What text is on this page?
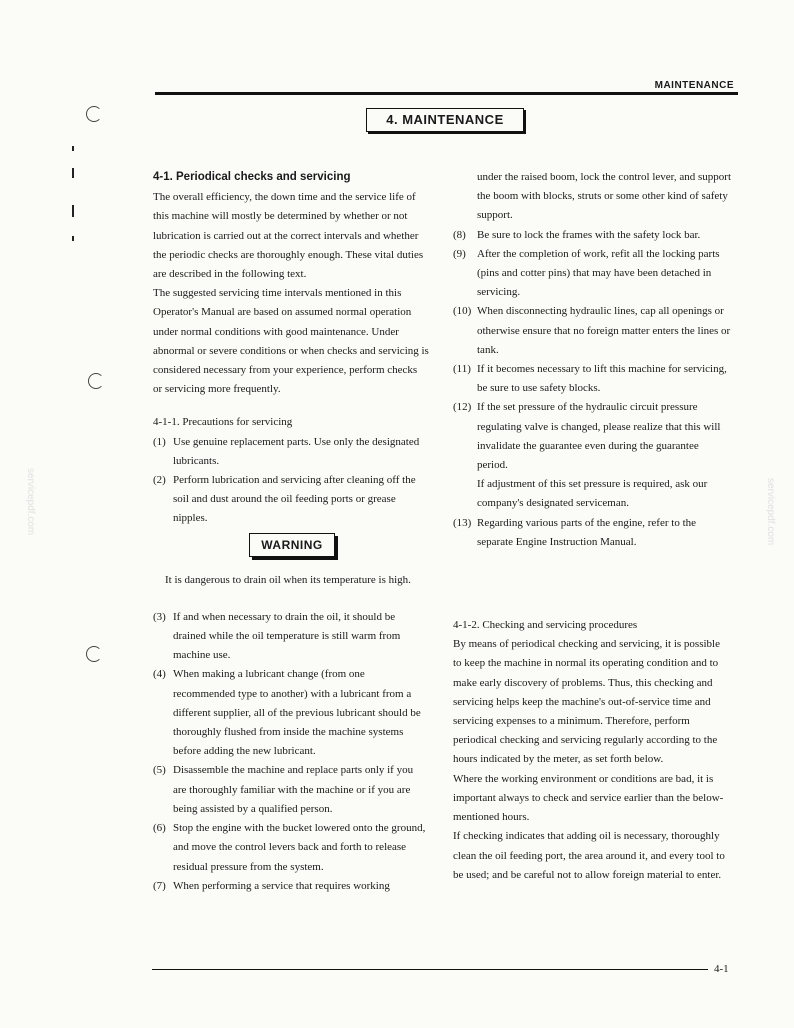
servicepdf.com	servicepdf.com
MAINTENANCE
4. MAINTENANCE

4-1. Periodical checks and servicing

The overall efficiency, the down time and the service life of this machine will mostly be determined by whether or not lubrication is carried out at the correct intervals and whether the periodic checks are thoroughly enough. These vital duties are described in the following text.

The suggested servicing time intervals mentioned in this Operator's Manual are based on assumed normal operation under normal conditions with good maintenance. Under abnormal or severe conditions or when checks and servicing is considered necessary from your experience, perform checks or servicing more frequently.

4-1-1. Precautions for servicing

(1) Use genuine replacement parts. Use only the designated lubricants.
(2) Perform lubrication and servicing after cleaning off the soil and dust around the oil feeding ports or grease nipples.
WARNING

It is dangerous to drain oil when its temperature is high.

(3) If and when necessary to drain the oil, it should be drained while the oil temperature is still warm from machine use.
(4) When making a lubricant change (from one recommended type to another) with a lubricant from a different supplier, all of the previous lubricant should be thoroughly flushed from inside the machine systems before adding the new lubricant.
(5) Disassemble the machine and replace parts only if you are thoroughly familiar with the machine or if you are being assisted by a qualified person.
(6) Stop the engine with the bucket lowered onto the ground, and move the control levers back and forth to release residual pressure from the system.
(7) When performing a service that requires working

under the raised boom, lock the control lever, and support the boom with blocks, struts or some other kind of safety support.

(8)	Be sure to lock the frames with the safety lock bar.
(9)	After the completion of work, refit all the locking parts (pins and cotter pins) that may have been detached in servicing.
(10) When disconnecting hydraulic lines, cap all openings or otherwise ensure that no foreign matter enters the lines or tank.
(11) If it becomes necessary to lift this machine for servicing, be sure to use safety blocks.
(12) If the set pressure of the hydraulic circuit pressure regulating valve is changed, please realize that this will invalidate the guarantee even during the guarantee period.

If adjustment of this set pressure is required, ask our company's designated serviceman.

(13) Regarding various parts of the engine, refer to the separate Engine Instruction Manual.

4-1-2. Checking and servicing procedures

By means of periodical checking and servicing, it is possible to keep the machine in normal its operating condition and to make early discovery of problems. Thus, this checking and servicing helps keep the machine's out-of-service time and servicing expenses to a minimum. Therefore, perform periodical checking and servicing regularly according to the hours indicated by the meter, as set forth below.

Where the working environment or conditions are bad, it is important always to check and service earlier than the below-mentioned hours.

If checking indicates that adding oil is necessary, thoroughly clean the oil feeding port, the area around it, and every tool to be used; and be careful not to allow foreign material to enter.

4-1
